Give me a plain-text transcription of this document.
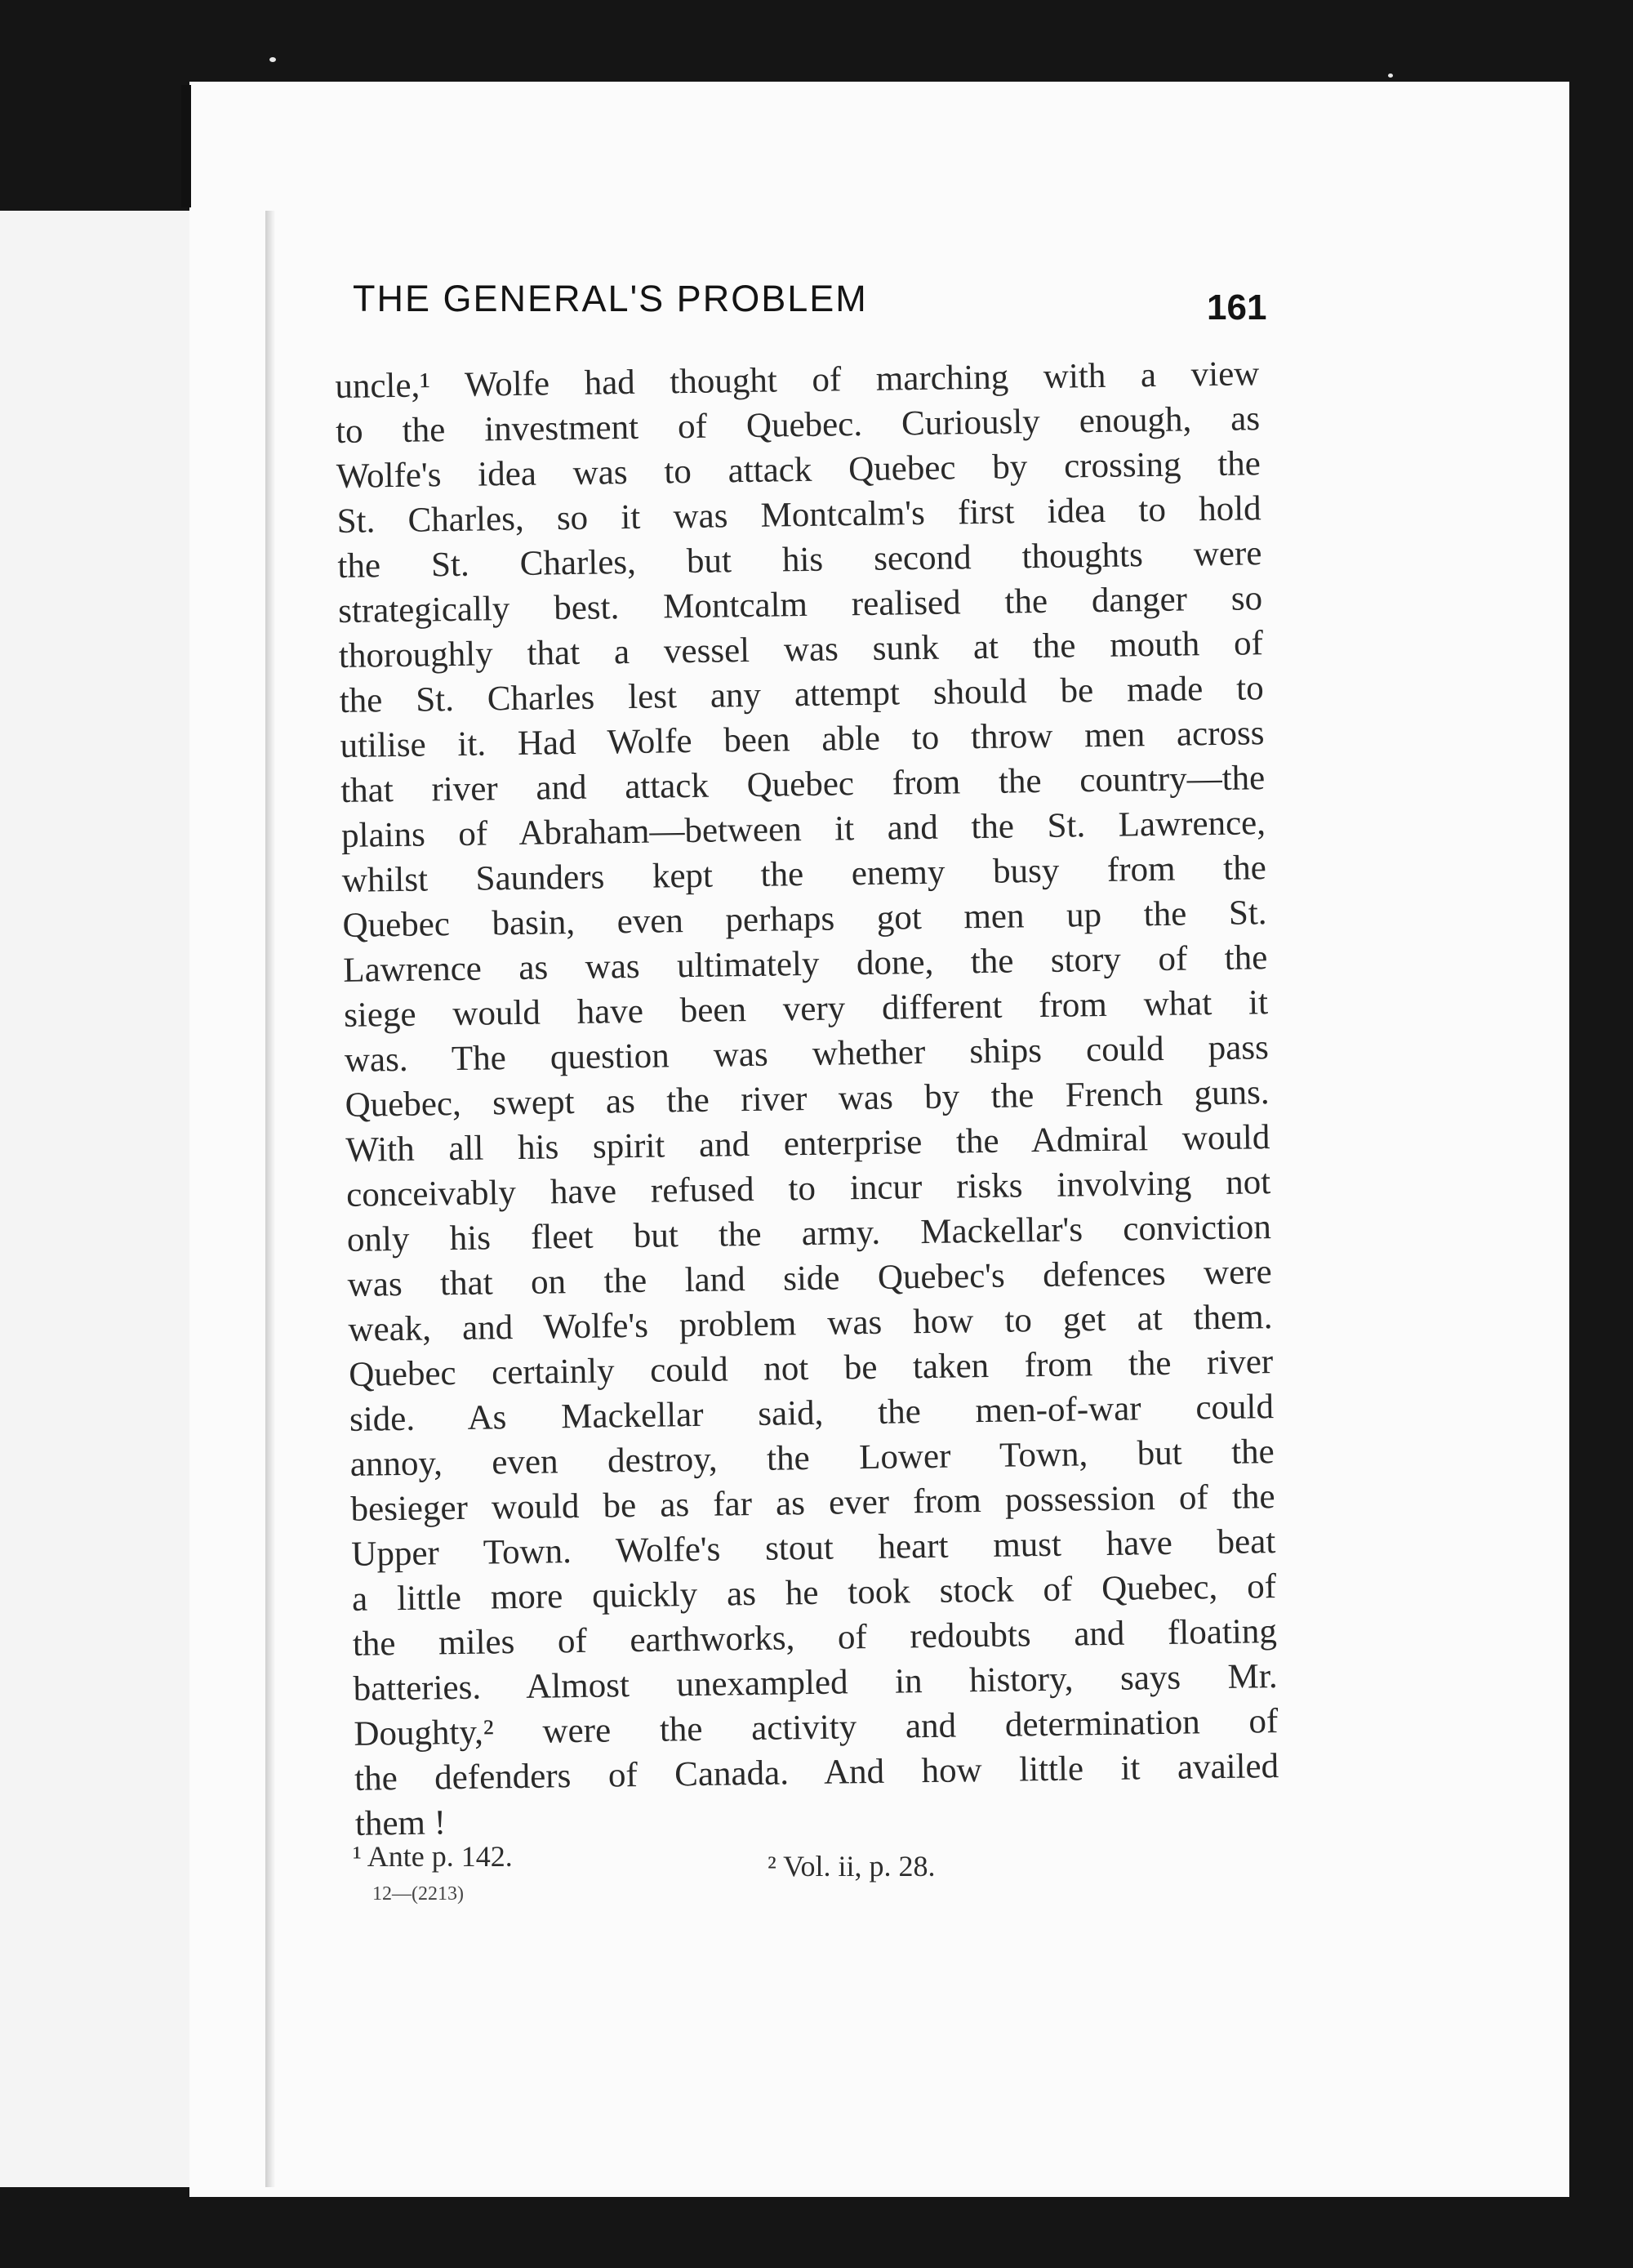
THE GENERAL'S PROBLEM	161
uncle,¹ Wolfe had thought of marching with a view
to the investment of Quebec. Curiously enough, as
Wolfe's idea was to attack Quebec by crossing the
St. Charles, so it was Montcalm's first idea to hold
the St. Charles, but his second thoughts were
strategically best. Montcalm realised the danger so
thoroughly that a vessel was sunk at the mouth of
the St. Charles lest any attempt should be made to
utilise it. Had Wolfe been able to throw men across
that river and attack Quebec from the country—the
plains of Abraham—between it and the St. Lawrence,
whilst Saunders kept the enemy busy from the
Quebec basin, even perhaps got men up the St.
Lawrence as was ultimately done, the story of the
siege would have been very different from what it
was. The question was whether ships could pass
Quebec, swept as the river was by the French guns.
With all his spirit and enterprise the Admiral would
conceivably have refused to incur risks involving not
only his fleet but the army. Mackellar's conviction
was that on the land side Quebec's defences were
weak, and Wolfe's problem was how to get at them.
Quebec certainly could not be taken from the river
side. As Mackellar said, the men-of-war could
annoy, even destroy, the Lower Town, but the
besieger would be as far as ever from possession of the
Upper Town. Wolfe's stout heart must have beat
a little more quickly as he took stock of Quebec, of
the miles of earthworks, of redoubts and floating
batteries. Almost unexampled in history, says Mr.
Doughty,² were the activity and determination of
the defenders of Canada. And how little it availed
them !
¹ Ante p. 142.	² Vol. ii, p. 28.
12—(2213)
